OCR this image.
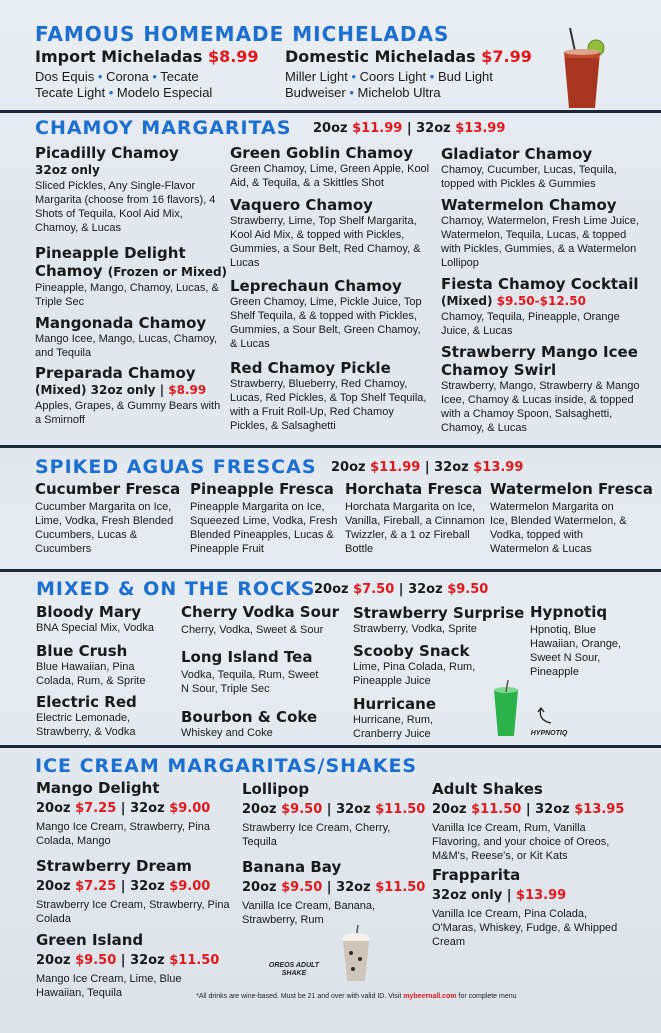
FAMOUS HOMEMADE MICHELADAS
Import Micheladas $8.99
Dos Equis • Corona • Tecate
Tecate Light • Modelo Especial
Domestic Micheladas $7.99
Miller Light • Coors Light • Bud Light
Budweiser • Michelob Ultra
CHAMOY MARGARITAS 20oz $11.99 | 32oz $13.99
Picadilly Chamoy
32oz only
Sliced Pickles, Any Single-Flavor Margarita (choose from 16 flavors), 4 Shots of Tequila, Kool Aid Mix, Chamoy, & Lucas
Pineapple Delight
Chamoy (Frozen or Mixed)
Pineapple, Mango, Chamoy, Lucas, & Triple Sec
Mangonada Chamoy
Mango Icee, Mango, Lucas, Chamoy, and Tequila
Preparada Chamoy
(Mixed) 32oz only | $8.99
Apples, Grapes, & Gummy Bears with a Smirnoff
Green Goblin Chamoy
Green Chamoy, Lime, Green Apple, Kool Aid, & Tequila, & a Skittles Shot
Vaquero Chamoy
Strawberry, Lime, Top Shelf Margarita, Kool Aid Mix, & topped with Pickles, Gummies, a Sour Belt, Red Chamoy, & Lucas
Leprechaun Chamoy
Green Chamoy, Lime, Pickle Juice, Top Shelf Tequila, & & topped with Pickles, Gummies, a Sour Belt, Green Chamoy, & Lucas
Red Chamoy Pickle
Strawberry, Blueberry, Red Chamoy, Lucas, Red Pickles, & Top Shelf Tequila, with a Fruit Roll-Up, Red Chamoy Pickles, & Salsaghetti
Gladiator Chamoy
Chamoy, Cucumber, Lucas, Tequila, topped with Pickles & Gummies
Watermelon Chamoy
Chamoy, Watermelon, Fresh Lime Juice, Watermelon, Tequila, Lucas, & topped with Pickles, Gummies, & a Watermelon Lollipop
Fiesta Chamoy Cocktail
(Mixed) $9.50-$12.50
Chamoy, Tequila, Pineapple, Orange Juice, & Lucas
Strawberry Mango Icee
Chamoy Swirl
Strawberry, Mango, Strawberry & Mango Icee, Chamoy & Lucas inside, & topped with a Chamoy Spoon, Salsaghetti, Chamoy, & Lucas
SPIKED AGUAS FRESCAS 20oz $11.99 | 32oz $13.99
Cucumber Fresca
Cucumber Margarita on Ice, Lime, Vodka, Fresh Blended Cucumbers, Lucas & Cucumbers
Pineapple Fresca
Pineapple Margarita on Ice, Squeezed Lime, Vodka, Fresh Blended Pineapples, Lucas & Pineapple Fruit
Horchata Fresca
Horchata Margarita on Ice, Vanilla, Fireball, a Cinnamon Twizzler, & a 1 oz Fireball Bottle
Watermelon Fresca
Watermelon Margarita on Ice, Blended Watermelon, & Vodka, topped with Watermelon & Lucas
MIXED & ON THE ROCKS
20oz $7.50 | 32oz $9.50
Bloody Mary
BNA Special Mix, Vodka
Blue Crush
Blue Hawaiian, Pina Colada, Rum, & Sprite
Electric Red
Electric Lemonade, Strawberry, & Vodka
Cherry Vodka Sour
Cherry, Vodka, Sweet & Sour
Long Island Tea
Vodka, Tequila, Rum, Sweet N Sour, Triple Sec
Bourbon & Coke
Whiskey and Coke
Strawberry Surprise
Strawberry, Vodka, Sprite
Scooby Snack
Lime, Pina Colada, Rum, Pineapple Juice
Hurricane
Hurricane, Rum, Cranberry Juice
Hypnotiq
Hpnotiq, Blue Hawaiian, Orange, Sweet N Sour, Pineapple
HYPNOTIQ
ICE CREAM MARGARITAS/SHAKES
Mango Delight
20oz $7.25 | 32oz $9.00
Mango Ice Cream, Strawberry, Pina Colada, Mango
Strawberry Dream
20oz $7.25 | 32oz $9.00
Strawberry Ice Cream, Strawberry, Pina Colada
Green Island
20oz $9.50 | 32oz $11.50
Mango Ice Cream, Lime, Blue Hawaiian, Tequila
Lollipop
20oz $9.50 | 32oz $11.50
Strawberry Ice Cream, Cherry, Tequila
Banana Bay
20oz $9.50 | 32oz $11.50
Vanilla Ice Cream, Banana, Strawberry, Rum
OREOS ADULT SHAKE
Adult Shakes
20oz $11.50 | 32oz $13.95
Vanilla Ice Cream, Rum, Vanilla Flavoring, and your choice of Oreos, M&M's, Reese's, or Kit Kats
Frapparita
32oz only | $13.99
Vanilla Ice Cream, Pina Colada, O'Maras, Whiskey, Fudge, & Whipped Cream
*All drinks are wine-based. Must be 21 and over with valid ID. Visit mybeernall.com for complete menu
